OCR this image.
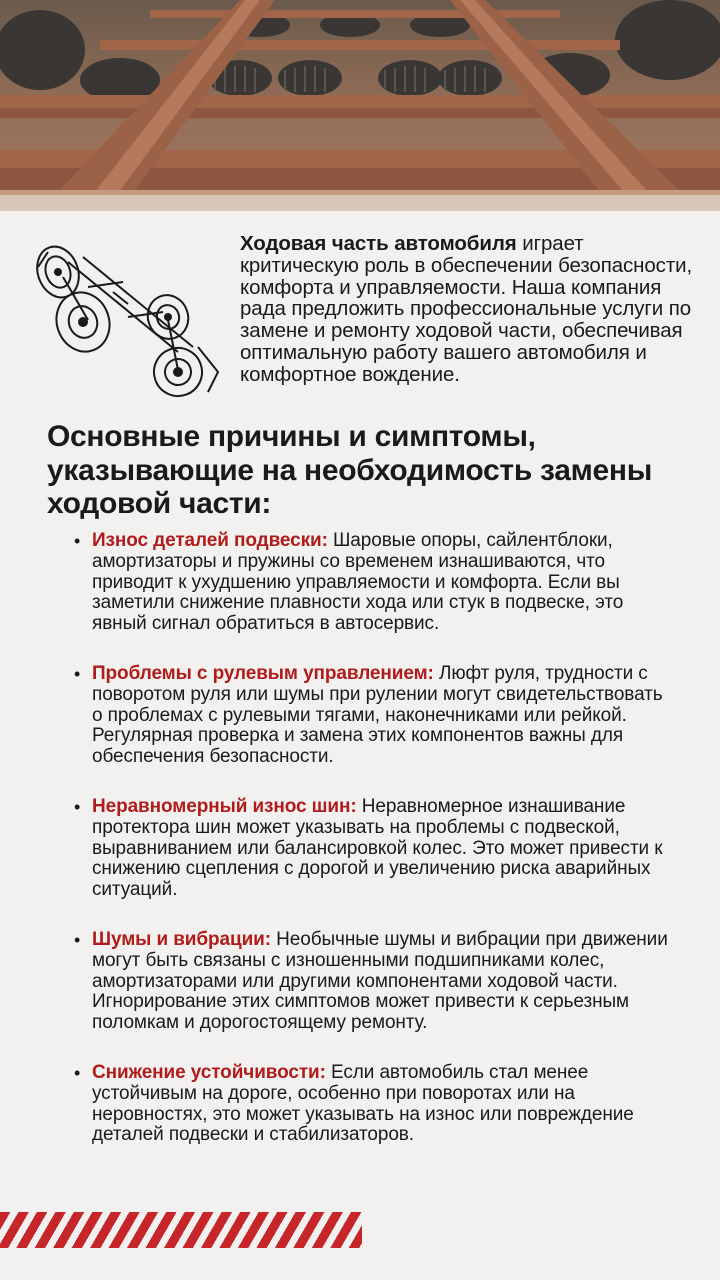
Ходовая часть автомобиля играет критическую роль в обеспечении безопасности, комфорта и управляемости. Наша компания рада предложить профессиональные услуги по замене и ремонту ходовой части, обеспечивая оптимальную работу вашего автомобиля и комфортное вождение.
Основные причины и симптомы, указывающие на необходимость замены ходовой части:
• Износ деталей подвески: Шаровые опоры, сайлентблоки, амортизаторы и пружины со временем изнашиваются, что приводит к ухудшению управляемости и комфорта. Если вы заметили снижение плавности хода или стук в подвеске, это явный сигнал обратиться в автосервис.
• Проблемы с рулевым управлением: Люфт руля, трудности с поворотом руля или шумы при рулении могут свидетельствовать о проблемах с рулевыми тягами, наконечниками или рейкой. Регулярная проверка и замена этих компонентов важны для обеспечения безопасности.
• Неравномерный износ шин: Неравномерное изнашивание протектора шин может указывать на проблемы с подвеской, выравниванием или балансировкой колес. Это может привести к снижению сцепления с дорогой и увеличению риска аварийных ситуаций.
• Шумы и вибрации: Необычные шумы и вибрации при движении могут быть связаны с изношенными подшипниками колес, амортизаторами или другими компонентами ходовой части. Игнорирование этих симптомов может привести к серьезным поломкам и дорогостоящему ремонту.
• Снижение устойчивости: Если автомобиль стал менее устойчивым на дороге, особенно при поворотах или на неровностях, это может указывать на износ или повреждение деталей подвески и стабилизаторов.
